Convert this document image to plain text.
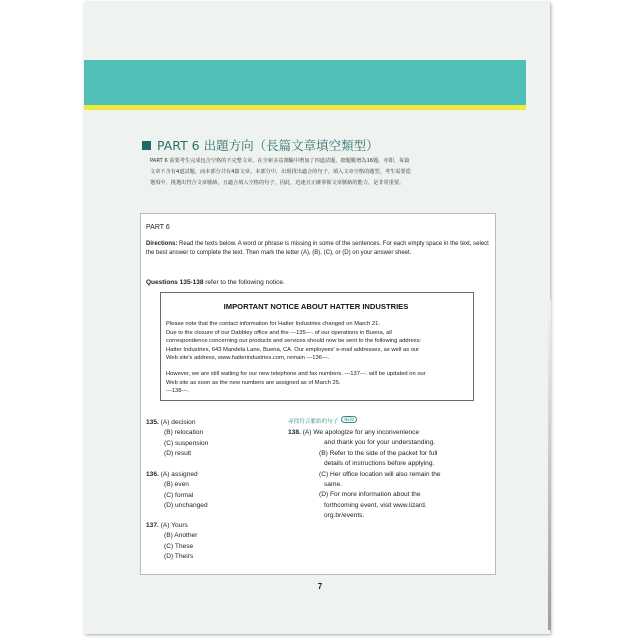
PART 6 出題方向（長篇文章填空類型）
PART 6 需要考生完成包含空格的不完整文章，在全新多益測驗中增加了四道試題，總題數增為16題。亦即，每篇
文章下含有4道試題，而本部分共有4篇文章。本部分中，出現找出適合的句子，填入文章空格的題型，考生需要從
選項中，挑選出符合文章脈絡，且適合填入空格的句子。因此，迅速且正確掌握文章脈絡的能力，是非常重要。
PART 6
Directions: Read the texts below. A word or phrase is missing in some of the sentences. For each empty space in the text, select the best answer to complete the text. Then mark the letter (A), (B), (C), or (D) on your answer sheet.
Questions 135-138 refer to the following notice.
IMPORTANT NOTICE ABOUT HATTER INDUSTRIES
Please note that the contact information for Hatter Industries changed on March 21.
Due to the closure of our Dabbley office and the ---135---. of our operations in Buena, all
correspondence concerning our products and services should now be sent to the following address:
Hatter Industries, 643 Mandela Lane, Buena, CA. Our employees' e-mail addresses, as well as our
Web site's address, www.hatterindustries.com, remain ---136---.
However, we are still waiting for our new telephone and fax numbers. ---137---. will be updated on our
Web site as soon as the new numbers are assigned as of March 25.
---138---.
135. (A) decision
(B) relocation
(C) suspension
(D) result
136. (A) assigned
(B) even
(C) formal
(D) unchanged
137. (A) Yours
(B) Another
(C) These
(D) Theirs
尋找符合脈絡的句子 NEW
138. (A) We apologize for any inconvenience
and thank you for your understanding.
(B) Refer to the side of the packet for full
details of instructions before applying.
(C) Her office location will also remain the
same.
(D) For more information about the
forthcoming event, visit www.lizard.
org.br/events.
7
